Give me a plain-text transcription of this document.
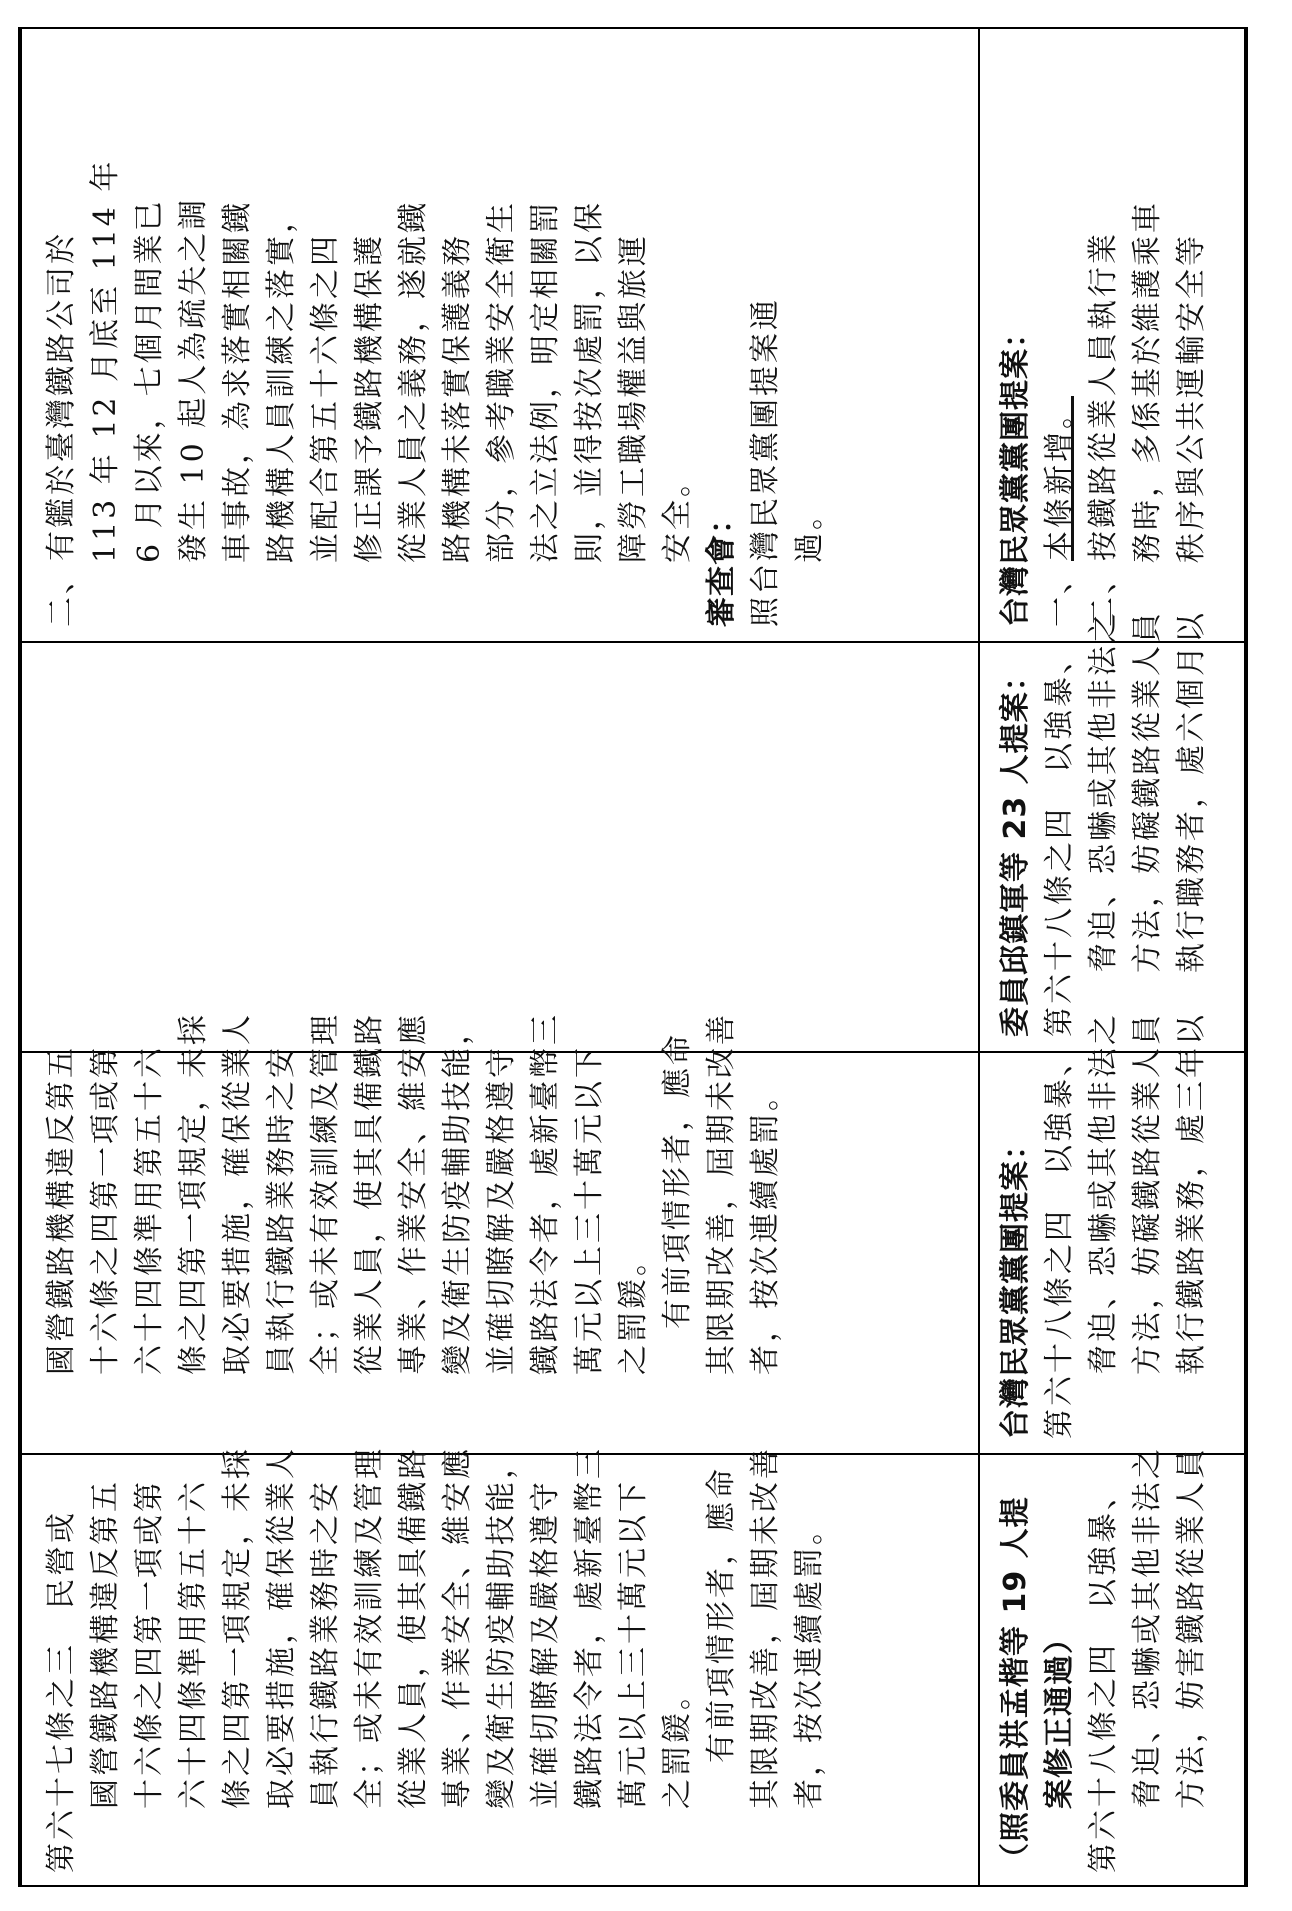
第六十七條之三　民營或 國營鐵路機構違反第五 十六條之四第一項或第 六十四條準用第五十六 條之四第一項規定，未採 取必要措施，確保從業人 員執行鐵路業務時之安 全；或未有效訓練及管理 從業人員，使其具備鐵路 專業、作業安全、維安應 變及衛生防疫輔助技能， 並確切瞭解及嚴格遵守 鐵路法令者，處新臺幣三 萬元以上三十萬元以下 之罰鍰。 有前項情形者，應命 其限期改善，屆期未改善 者，按次連續處罰。
國營鐵路機構違反第五 十六條之四第一項或第 六十四條準用第五十六 條之四第一項規定，未採 取必要措施，確保從業人 員執行鐵路業務時之安 全；或未有效訓練及管理 從業人員，使其具備鐵路 專業、作業安全、維安應 變及衛生防疫輔助技能， 並確切瞭解及嚴格遵守 鐵路法令者，處新臺幣三 萬元以上三十萬元以下 之罰鍰。 有前項情形者，應命 其限期改善，屆期未改善 者，按次連續處罰。
二、有鑑於臺灣鐵路公司於 113 年 12 月底至 114 年 6 月以來，七個月間業已 發生 10 起人為疏失之調 車事故，為求落實相關鐵 路機構人員訓練之落實， 並配合第五十六條之四 修正課予鐵路機構保護 從業人員之義務，遂就鐵 路機構未落實保護義務 部分，參考職業安全衛生 法之立法例，明定相關罰 則，並得按次處罰，以保 障勞工職場權益與旅運 安全。 審查會： 照台灣民眾黨團提案通 過。
（照委員洪孟楷等 19 人提 案修正通過） 第六十八條之四　以強暴、 脅迫、恐嚇或其他非法之 方法，妨害鐵路從業人員
台灣民眾黨黨團提案： 第六十八條之四　以強暴、 脅迫、恐嚇或其他非法之 方法，妨礙鐵路從業人員 執行鐵路業務，處三年以
委員邱鎮軍等 23 人提案： 第六十八條之四　以強暴、 脅迫、恐嚇或其他非法之 方法，妨礙鐵路從業人員 執行職務者，處六個月以
台灣民眾黨黨團提案： 一、本條新增。 二、按鐵路從業人員執行業 務時，多係基於維護乘車 秩序與公共運輸安全等
